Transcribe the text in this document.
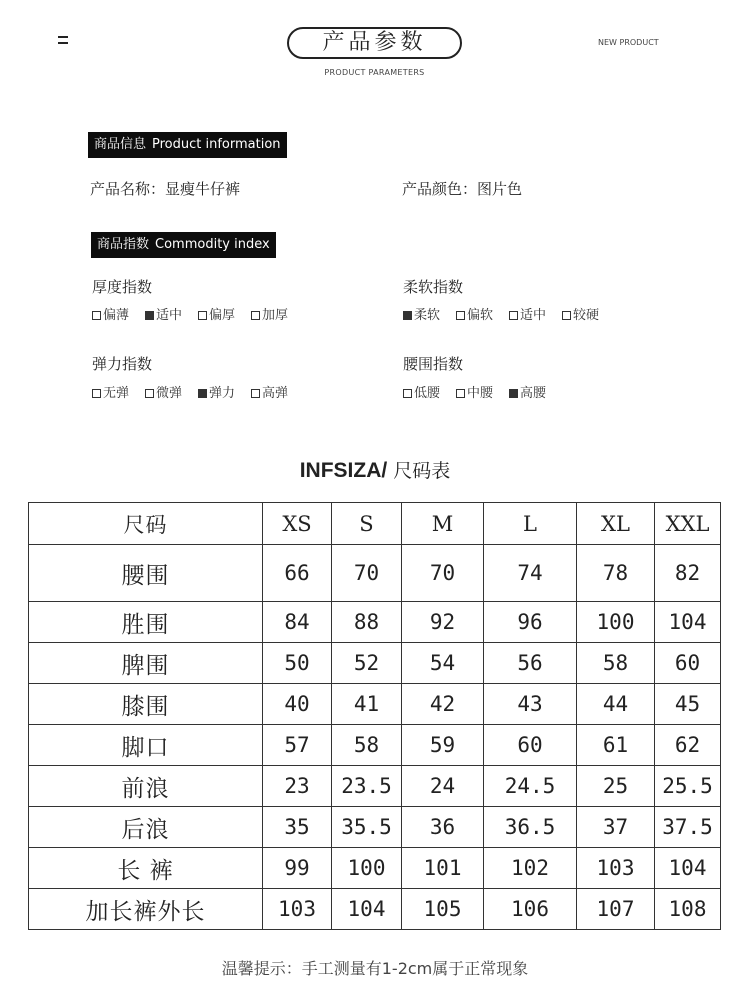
产品参数
PRODUCT PARAMETERS
NEW PRODUCT
商品信息 Product information
产品名称：显瘦牛仔裤	产品颜色：图片色
商品指数 Commodity index
厚度指数
偏薄 适中 偏厚 加厚
柔软指数
柔软 偏软 适中 较硬
弹力指数
无弹 微弹 弹力 高弹
腰围指数
低腰 中腰 高腰
INFSIZA/ 尺码表
尺码	XS	S	M	L	XL	XXL
腰围	66	70	70	74	78	82
胜围	84	88	92	96	100	104
脾围	50	52	54	56	58	60
膝围	40	41	42	43	44	45
脚口	57	58	59	60	61	62
前浪	23	23.5	24	24.5	25	25.5
后浪	35	35.5	36	36.5	37	37.5
长 裤	99	100	101	102	103	104
加长裤外长	103	104	105	106	107	108
温馨提示：手工测量有1-2cm属于正常现象
